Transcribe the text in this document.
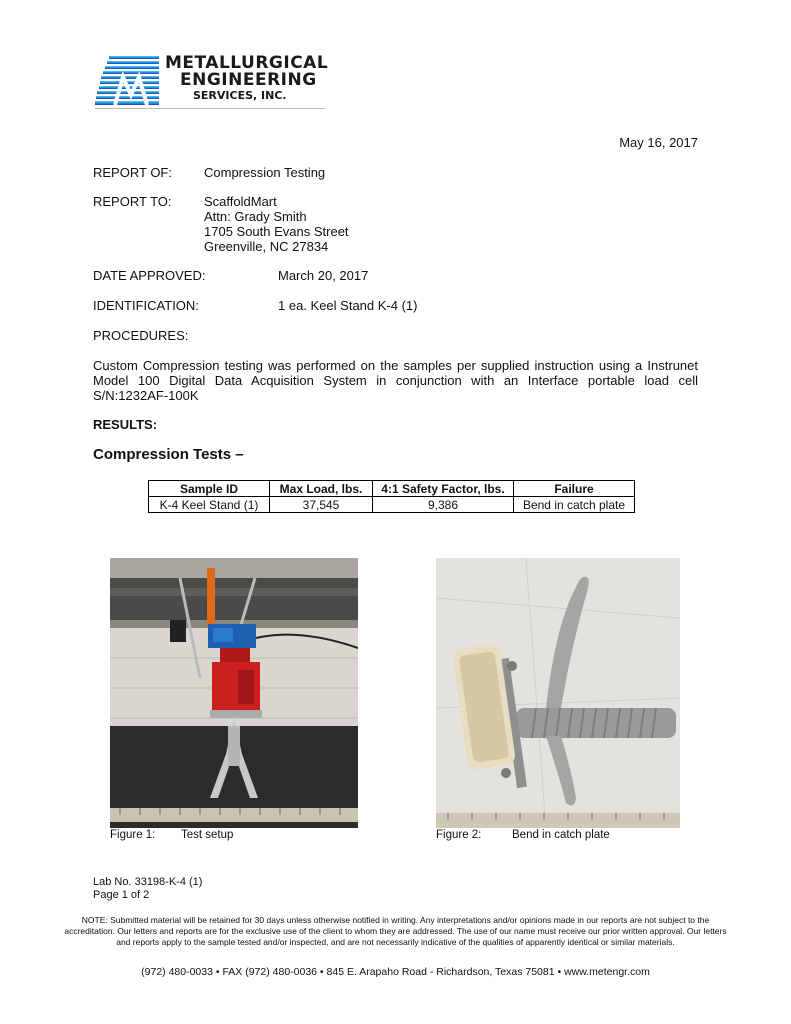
METALLURGICAL
ENGINEERING
SERVICES, INC.
May 16, 2017
REPORT OF: Compression Testing
REPORT TO: ScaffoldMart
Attn: Grady Smith
1705 South Evans Street
Greenville, NC 27834
DATE APPROVED:	March 20, 2017
IDENTIFICATION:	1 ea. Keel Stand K-4 (1)
PROCEDURES:
Custom Compression testing was performed on the samples per supplied instruction using a Instrunet Model 100 Digital Data Acquisition System in conjunction with an Interface portable load cell S/N:1232AF-100K
RESULTS:
Compression Tests –
Sample ID	Max Load, lbs.	4:1 Safety Factor, lbs.	Failure
K-4 Keel Stand (1)	37,545	9,386	Bend in catch plate
Figure 1: Test setup	Figure 2:	Bend in catch plate
Lab No. 33198-K-4 (1)
Page 1 of 2
NOTE: Submitted material will be retained for 30 days unless otherwise notified in writing. Any interpretations and/or opinions made in our reports are not subject to the accreditation. Our letters and reports are for the exclusive use of the client to whom they are addressed. The use of our name must receive our prior written approval. Our letters and reports apply to the sample tested and/or inspected, and are not necessarily indicative of the qualities of apparently identical or similar materials.
(972) 480-0033 • FAX (972) 480-0036 • 845 E. Arapaho Road - Richardson, Texas 75081 • www.metengr.com
